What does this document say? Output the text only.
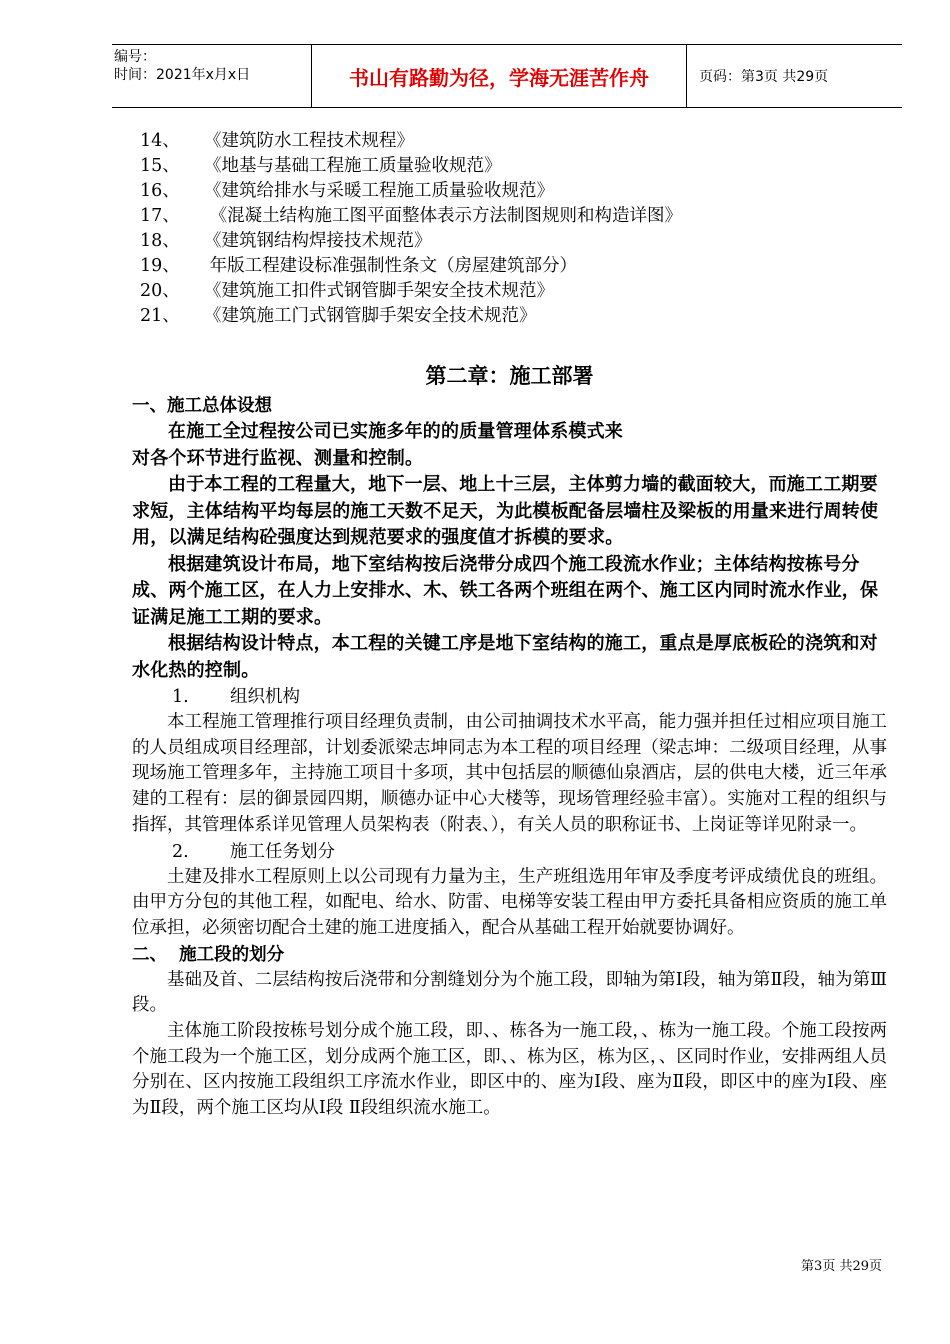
编号：
时间：2021年x月x日	书山有路勤为径，学海无涯苦作舟	页码：第3页 共29页
14、 《建筑防水工程技术规程》
15、 《地基与基础工程施工质量验收规范》
16、 《建筑给排水与采暖工程施工质量验收规范》
17、 《混凝土结构施工图平面整体表示方法制图规则和构造详图》
18、 《建筑钢结构焊接技术规范》
19、 年版工程建设标准强制性条文（房屋建筑部分）
20、 《建筑施工扣件式钢管脚手架安全技术规范》
21、 《建筑施工门式钢管脚手架安全技术规范》
第二章：施工部署
一、施工总体设想

在施工全过程按公司已实施多年的的质量管理体系模式来

对各个环节进行监视、测量和控制。

由于本工程的工程量大，地下一层、地上十三层，主体剪力墙的截面较大，而施工工期要求短，主体结构平均每层的施工天数不足天，为此模板配备层墙柱及梁板的用量来进行周转使用，以满足结构砼强度达到规范要求的强度值才拆模的要求。

根据建筑设计布局，地下室结构按后浇带分成四个施工段流水作业；主体结构按栋号分成、两个施工区，在人力上安排水、木、铁工各两个班组在两个、施工区内同时流水作业，保证满足施工工期的要求。

根据结构设计特点，本工程的关键工序是地下室结构的施工，重点是厚底板砼的浇筑和对水化热的控制。

1. 组织机构

本工程施工管理推行项目经理负责制，由公司抽调技术水平高，能力强并担任过相应项目施工的人员组成项目经理部，计划委派梁志坤同志为本工程的项目经理（梁志坤：二级项目经理，从事现场施工管理多年，主持施工项目十多项，其中包括层的顺德仙泉酒店，层的供电大楼，近三年承建的工程有：层的御景园四期，顺德办证中心大楼等，现场管理经验丰富）。实施对工程的组织与指挥，其管理体系详见管理人员架构表（附表、），有关人员的职称证书、上岗证等详见附录一。

2. 施工任务划分

土建及排水工程原则上以公司现有力量为主，生产班组选用年审及季度考评成绩优良的班组。由甲方分包的其他工程，如配电、给水、防雷、电梯等安装工程由甲方委托具备相应资质的施工单位承担，必须密切配合土建的施工进度插入，配合从基础工程开始就要协调好。

二、  施工段的划分

基础及首、二层结构按后浇带和分割缝划分为个施工段，即轴为第Ⅰ段，轴为第Ⅱ段，轴为第Ⅲ段。

主体施工阶段按栋号划分成个施工段，即、、栋各为一施工段，、栋为一施工段。个施工段按两个施工段为一个施工区，划分成两个施工区，即、、栋为区，栋为区，、区同时作业，安排两组人员分别在、区内按施工段组织工序流水作业，即区中的、座为Ⅰ段、座为Ⅱ段，即区中的座为Ⅰ段、座为Ⅱ段，两个施工区均从Ⅰ段 Ⅱ段组织流水施工。

第3页 共29页
